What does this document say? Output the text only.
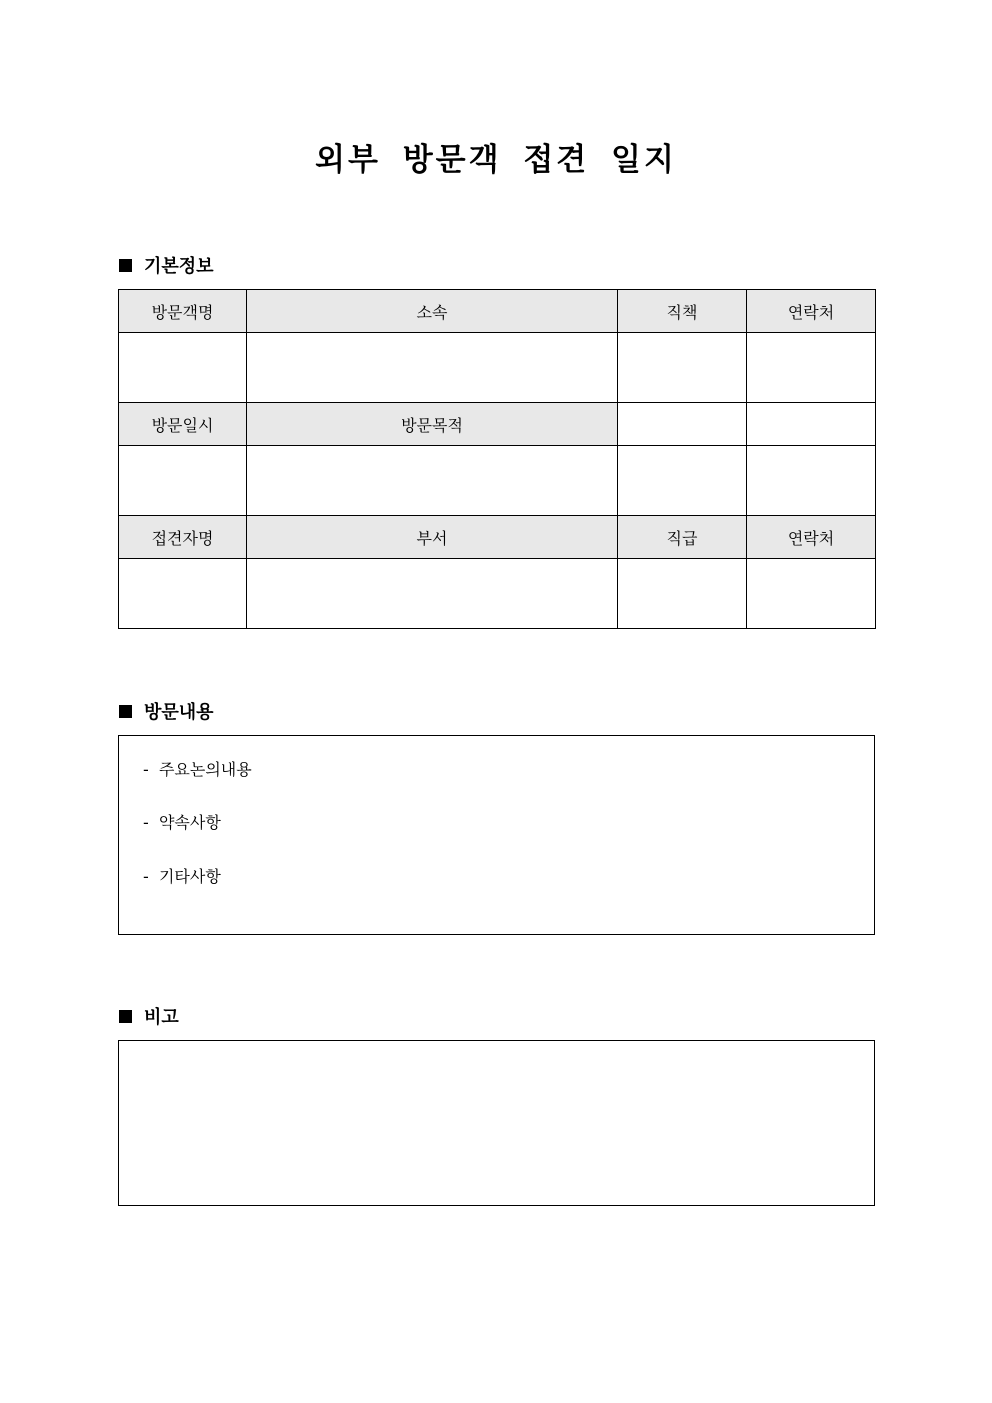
외부 방문객 접견 일지
기본정보
방문객명	소속	직책	연락처

방문일시	방문목적		

접견자명	부서	직급	연락처

방문내용
- 주요논의내용
- 약속사항
- 기타사항
비고
